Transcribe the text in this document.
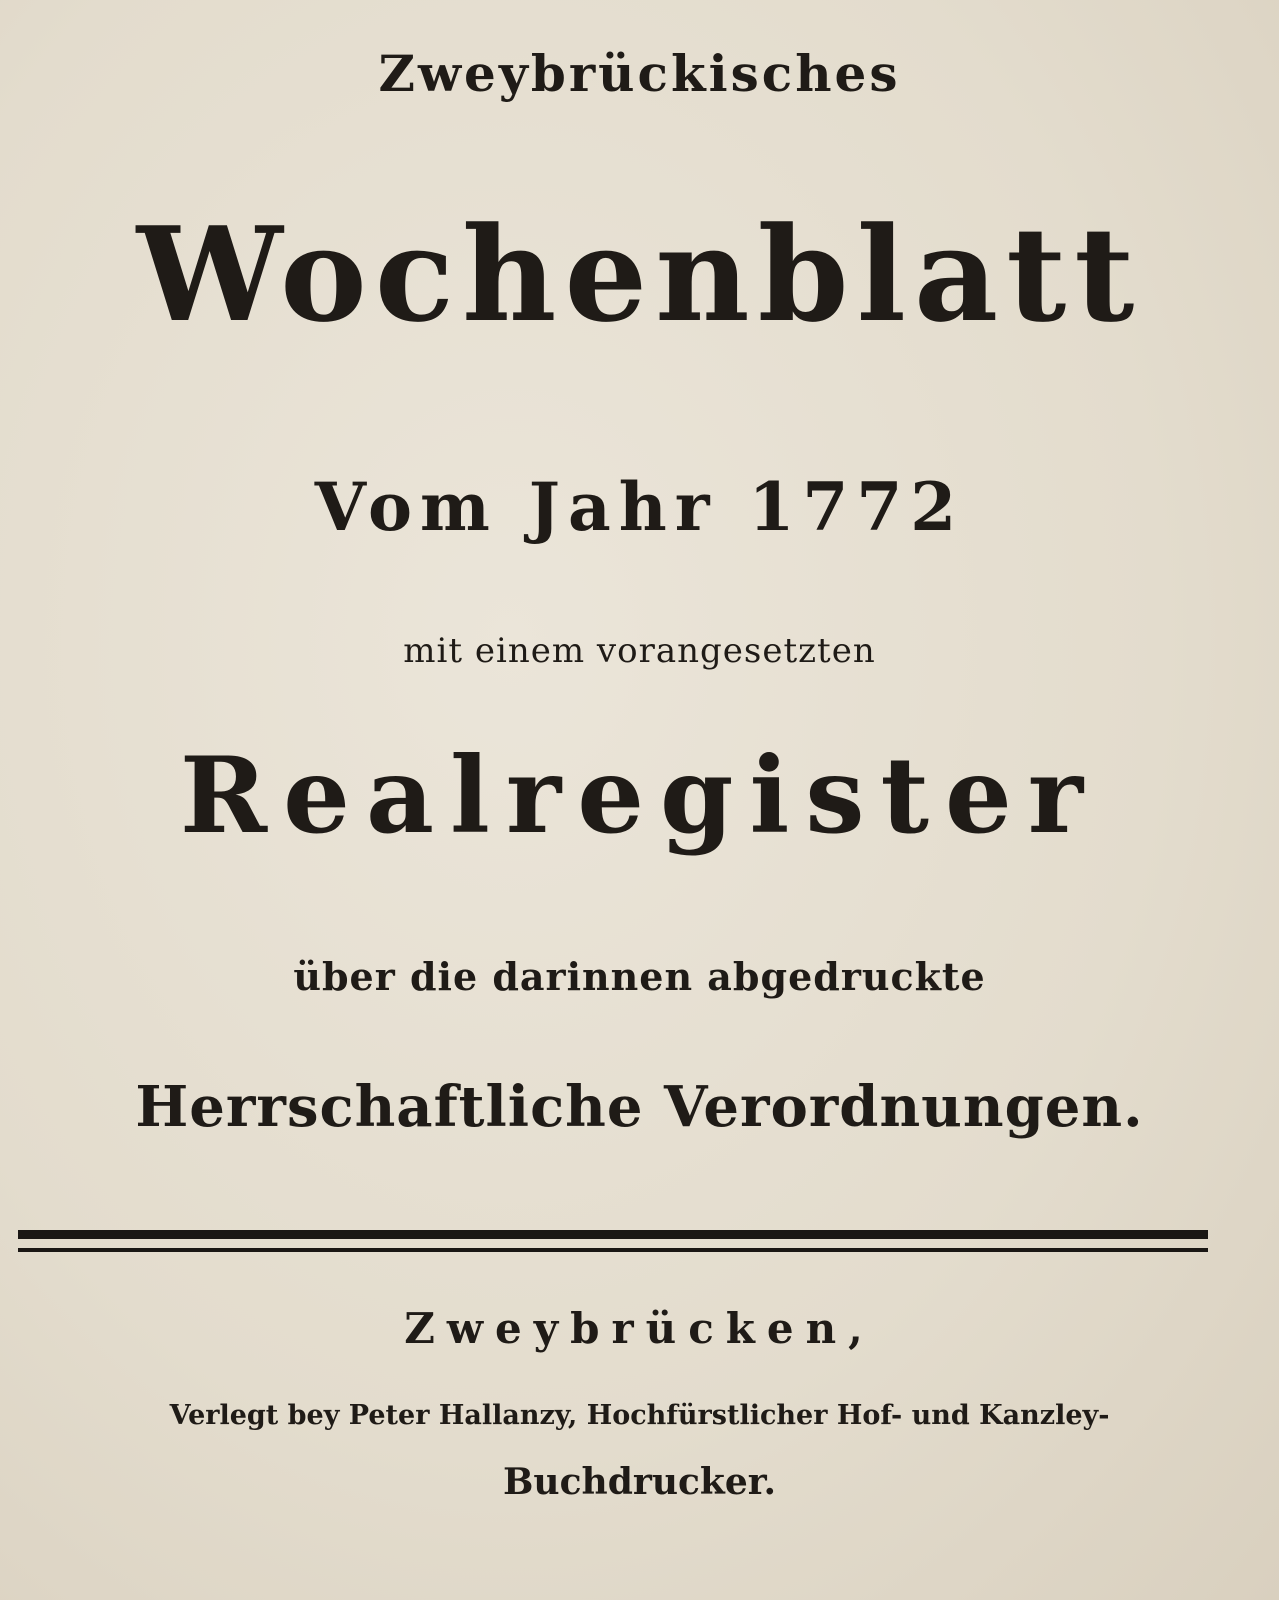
Zweybrückisches
Wochenblatt
Vom Jahr 1772
mit einem vorangesetzten
Realregister
über die darinnen abgedruckte
Herrschaftliche Verordnungen.
Zweybrücken,
Verlegt bey Peter Hallanzy, Hochfürstlicher Hof- und Kanzley-
Buchdrucker.
